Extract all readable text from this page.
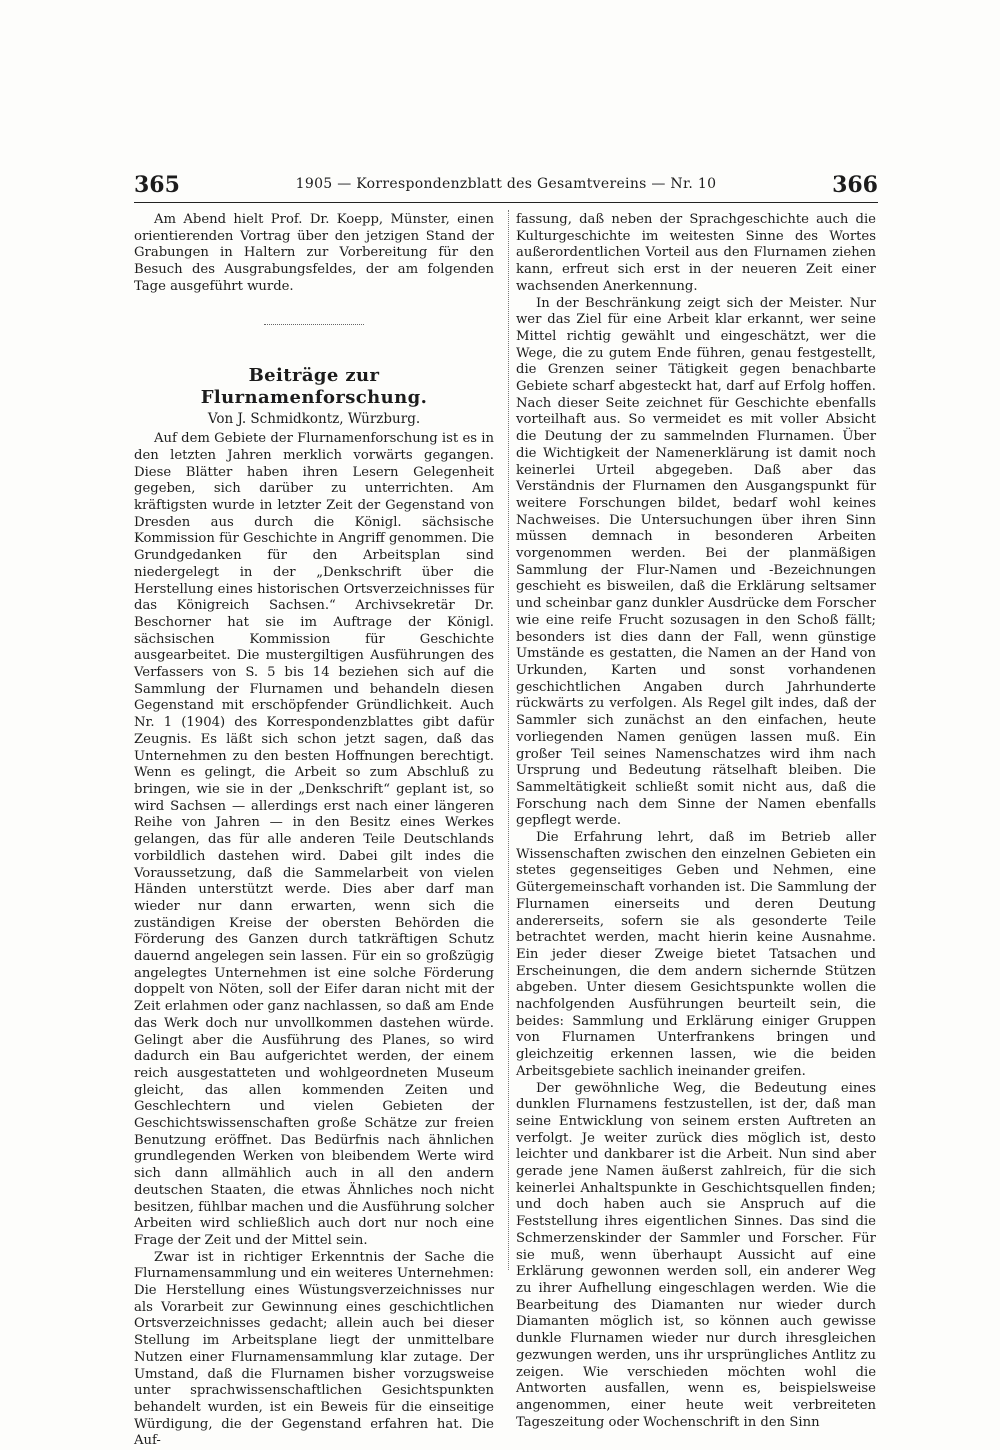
365	1905 — Korrespondenzblatt des Gesamtvereins — Nr. 10	366

Am Abend hielt Prof. Dr. Koepp, Münster, einen orientierenden Vortrag über den jetzigen Stand der Grabungen in Haltern zur Vorbereitung für den Besuch des Ausgrabungsfeldes, der am folgenden Tage ausgeführt wurde.

Beiträge zur Flurnamenforschung.
Von J. Schmidkontz, Würzburg.

Auf dem Gebiete der Flurnamenforschung ist es in den letzten Jahren merklich vorwärts gegangen. Diese Blätter haben ihren Lesern Gelegenheit gegeben, sich darüber zu unterrichten. Am kräftigsten wurde in letzter Zeit der Gegenstand von Dresden aus durch die Königl. sächsische Kommission für Geschichte in Angriff genommen. Die Grundgedanken für den Arbeitsplan sind niedergelegt in der „Denkschrift über die Herstellung eines historischen Ortsverzeichnisses für das Königreich Sachsen.“ Archivsekretär Dr. Beschorner hat sie im Auftrage der Königl. sächsischen Kommission für Geschichte ausgearbeitet. Die mustergiltigen Ausführungen des Verfassers von S. 5 bis 14 beziehen sich auf die Sammlung der Flurnamen und behandeln diesen Gegenstand mit erschöpfender Gründlichkeit. Auch Nr. 1 (1904) des Korrespondenzblattes gibt dafür Zeugnis. Es läßt sich schon jetzt sagen, daß das Unternehmen zu den besten Hoffnungen berechtigt. Wenn es gelingt, die Arbeit so zum Abschluß zu bringen, wie sie in der „Denkschrift“ geplant ist, so wird Sachsen — allerdings erst nach einer längeren Reihe von Jahren — in den Besitz eines Werkes gelangen, das für alle anderen Teile Deutschlands vorbildlich dastehen wird. Dabei gilt indes die Voraussetzung, daß die Sammelarbeit von vielen Händen unterstützt werde. Dies aber darf man wieder nur dann erwarten, wenn sich die zuständigen Kreise der obersten Behörden die Förderung des Ganzen durch tatkräftigen Schutz dauernd angelegen sein lassen. Für ein so großzügig angelegtes Unternehmen ist eine solche Förderung doppelt von Nöten, soll der Eifer daran nicht mit der Zeit erlahmen oder ganz nachlassen, so daß am Ende das Werk doch nur unvollkommen dastehen würde. Gelingt aber die Ausführung des Planes, so wird dadurch ein Bau aufgerichtet werden, der einem reich ausgestatteten und wohlgeordneten Museum gleicht, das allen kommenden Zeiten und Geschlechtern und vielen Gebieten der Geschichtswissenschaften große Schätze zur freien Benutzung eröffnet. Das Bedürfnis nach ähnlichen grundlegenden Werken von bleibendem Werte wird sich dann allmählich auch in all den andern deutschen Staaten, die etwas Ähnliches noch nicht besitzen, fühlbar machen und die Ausführung solcher Arbeiten wird schließlich auch dort nur noch eine Frage der Zeit und der Mittel sein.

Zwar ist in richtiger Erkenntnis der Sache die Flurnamensammlung und ein weiteres Unternehmen: Die Herstellung eines Wüstungsverzeichnisses nur als Vorarbeit zur Gewinnung eines geschichtlichen Ortsverzeichnisses gedacht; allein auch bei dieser Stellung im Arbeitsplane liegt der unmittelbare Nutzen einer Flurnamensammlung klar zutage. Der Umstand, daß die Flurnamen bisher vorzugsweise unter sprachwissenschaftlichen Gesichtspunkten behandelt wurden, ist ein Beweis für die einseitige Würdigung, die der Gegenstand erfahren hat. Die Auf-

fassung, daß neben der Sprachgeschichte auch die Kulturgeschichte im weitesten Sinne des Wortes außerordentlichen Vorteil aus den Flurnamen ziehen kann, erfreut sich erst in der neueren Zeit einer wachsenden Anerkennung.

In der Beschränkung zeigt sich der Meister. Nur wer das Ziel für eine Arbeit klar erkannt, wer seine Mittel richtig gewählt und eingeschätzt, wer die Wege, die zu gutem Ende führen, genau festgestellt, die Grenzen seiner Tätigkeit gegen benachbarte Gebiete scharf abgesteckt hat, darf auf Erfolg hoffen. Nach dieser Seite zeichnet für Geschichte ebenfalls vorteilhaft aus. So vermeidet es mit voller Absicht die Deutung der zu sammelnden Flurnamen. Über die Wichtigkeit der Namenerklärung ist damit noch keinerlei Urteil abgegeben. Daß aber das Verständnis der Flurnamen den Ausgangspunkt für weitere Forschungen bildet, bedarf wohl keines Nachweises. Die Untersuchungen über ihren Sinn müssen demnach in besonderen Arbeiten vorgenommen werden. Bei der planmäßigen Sammlung der Flur-Namen und -Bezeichnungen geschieht es bisweilen, daß die Erklärung seltsamer und scheinbar ganz dunkler Ausdrücke dem Forscher wie eine reife Frucht sozusagen in den Schoß fällt; besonders ist dies dann der Fall, wenn günstige Umstände es gestatten, die Namen an der Hand von Urkunden, Karten und sonst vorhandenen geschichtlichen Angaben durch Jahrhunderte rückwärts zu verfolgen. Als Regel gilt indes, daß der Sammler sich zunächst an den einfachen, heute vorliegenden Namen genügen lassen muß. Ein großer Teil seines Namenschatzes wird ihm nach Ursprung und Bedeutung rätselhaft bleiben. Die Sammeltätigkeit schließt somit nicht aus, daß die Forschung nach dem Sinne der Namen ebenfalls gepflegt werde.

Die Erfahrung lehrt, daß im Betrieb aller Wissenschaften zwischen den einzelnen Gebieten ein stetes gegenseitiges Geben und Nehmen, eine Gütergemeinschaft vorhanden ist. Die Sammlung der Flurnamen einerseits und deren Deutung andererseits, sofern sie als gesonderte Teile betrachtet werden, macht hierin keine Ausnahme. Ein jeder dieser Zweige bietet Tatsachen und Erscheinungen, die dem andern sichernde Stützen abgeben. Unter diesem Gesichtspunkte wollen die nachfolgenden Ausführungen beurteilt sein, die beides: Sammlung und Erklärung einiger Gruppen von Flurnamen Unterfrankens bringen und gleichzeitig erkennen lassen, wie die beiden Arbeitsgebiete sachlich ineinander greifen.

Der gewöhnliche Weg, die Bedeutung eines dunklen Flurnamens festzustellen, ist der, daß man seine Entwicklung von seinem ersten Auftreten an verfolgt. Je weiter zurück dies möglich ist, desto leichter und dankbarer ist die Arbeit. Nun sind aber gerade jene Namen äußerst zahlreich, für die sich keinerlei Anhaltspunkte in Geschichtsquellen finden; und doch haben auch sie Anspruch auf die Feststellung ihres eigentlichen Sinnes. Das sind die Schmerzenskinder der Sammler und Forscher. Für sie muß, wenn überhaupt Aussicht auf eine Erklärung gewonnen werden soll, ein anderer Weg zu ihrer Aufhellung eingeschlagen werden. Wie die Bearbeitung des Diamanten nur wieder durch Diamanten möglich ist, so können auch gewisse dunkle Flurnamen wieder nur durch ihresgleichen gezwungen werden, uns ihr ursprüngliches Antlitz zu zeigen. Wie verschieden möchten wohl die Antworten ausfallen, wenn es, beispielsweise angenommen, einer heute weit verbreiteten Tageszeitung oder Wochenschrift in den Sinn
